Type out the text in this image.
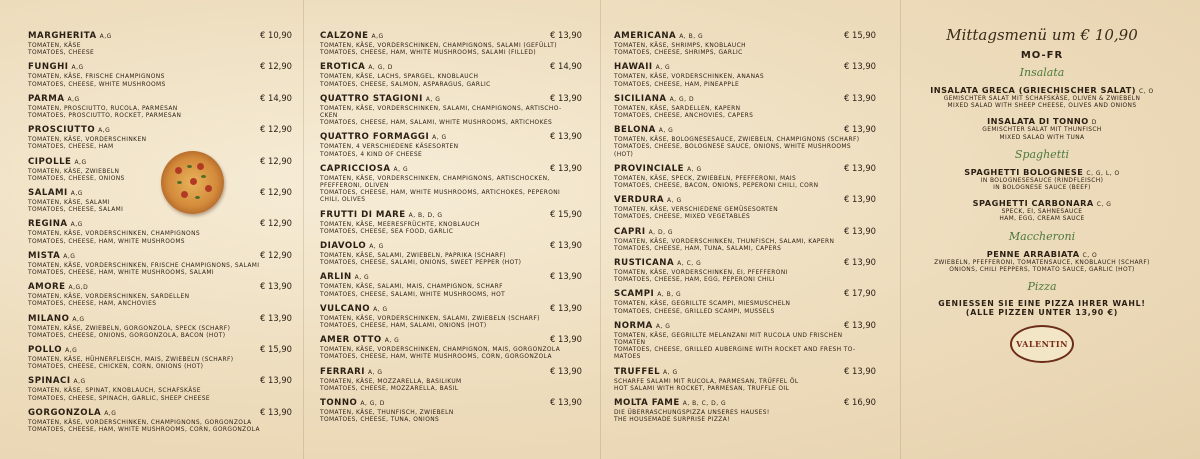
MARGHERITA A,G	€ 10,90
TOMATEN, KÄSE
TOMATOES, CHEESE
FUNGHI A,G	€ 12,90
TOMATEN, KÄSE, FRISCHE CHAMPIGNONS
TOMATOES, CHEESE, WHITE MUSHROOMS
PARMA A,G	€ 14,90
TOMATEN, PROSCIUTTO, RUCOLA, PARMESAN
TOMATOES, PROSCIUTTO, ROCKET, PARMESAN
PROSCIUTTO A,G	€ 12,90
TOMATEN, KÄSE, VORDERSCHINKEN
TOMATOES, CHEESE, HAM
CIPOLLE A,G	€ 12,90
TOMATEN, KÄSE, ZWIEBELN
TOMATOES, CHEESE, ONIONS
SALAMI A,G	€ 12,90
TOMATEN, KÄSE, SALAMI
TOMATOES, CHEESE, SALAMI
REGINA A,G	€ 12,90
TOMATEN, KÄSE, VORDERSCHINKEN, CHAMPIGNONS
TOMATOES, CHEESE, HAM, WHITE MUSHROOMS
MISTA A,G	€ 12,90
TOMATEN, KÄSE, VORDERSCHINKEN, FRISCHE CHAMPIGNONS, SALAMI
TOMATOES, CHEESE, HAM, WHITE MUSHROOMS, SALAMI
AMORE A,G,D	€ 13,90
TOMATEN, KÄSE, VORDERSCHINKEN, SARDELLEN
TOMATOES, CHEESE, HAM, ANCHOVIES
MILANO A,G	€ 13,90
TOMATEN, KÄSE, ZWIEBELN, GORGONZOLA, SPECK (SCHARF)
TOMATOES, CHEESE, ONIONS, GORGONZOLA, BACON (HOT)
POLLO A,G	€ 15,90
TOMATEN, KÄSE, HÜHNERFLEISCH, MAIS, ZWIEBELN (SCHARF)
TOMATOES, CHEESE, CHICKEN, CORN, ONIONS (HOT)
SPINACI A,G	€ 13,90
TOMATEN, KÄSE, SPINAT, KNOBLAUCH, SCHAFSKÄSE
TOMATOES, CHEESE, SPINACH, GARLIC, SHEEP CHEESE
GORGONZOLA A,G	€ 13,90
TOMATEN, KÄSE, VORDERSCHINKEN, CHAMPIGNONS, GORGONZOLA
TOMATOES, CHEESE, HAM, WHITE MUSHROOMS, CORN, GORGONZOLA
CALZONE A,G	€ 13,90
TOMATEN, KÄSE, VORDERSCHINKEN, CHAMPIGNONS, SALAMI (GEFÜLLT)
TOMATOES, CHEESE, HAM, WHITE MUSHROOMS, SALAMI (FILLED)
EROTICA A, G, D	€ 14,90
TOMATEN, KÄSE, LACHS, SPARGEL, KNOBLAUCH
TOMATOES, CHEESE, SALMON, ASPARAGUS, GARLIC
QUATTRO STAGIONI A, G	€ 13,90
TOMATEN, KÄSE, VORDERSCHINKEN, SALAMI, CHAMPIGNONS, ARTISCHO-
CKEN
TOMATOES, CHEESE, HAM, SALAMI, WHITE MUSHROOMS, ARTICHOKES
QUATTRO FORMAGGI A, G	€ 13,90
TOMATEN, 4 VERSCHIEDENE KÄSESORTEN
TOMATOES, 4 KIND OF CHEESE
CAPRICCIOSA A, G	€ 13,90
TOMATEN, KÄSE, VORDERSCHINKEN, CHAMPIGNONS, ARTISCHOCKEN,
PFEFFERONI, OLIVEN
TOMATOES, CHEESE, HAM, WHITE MUSHROOMS, ARTICHOKES, PEPERONI
CHILI, OLIVES
FRUTTI DI MARE A, B, D, G	€ 15,90
TOMATEN, KÄSE, MEERESFRÜCHTE, KNOBLAUCH
TOMATOES, CHEESE, SEA FOOD, GARLIC
DIAVOLO A, G	€ 13,90
TOMATEN, KÄSE, SALAMI, ZWIEBELN, PAPRIKA (SCHARF)
TOMATOES, CHEESE, SALAMI, ONIONS, SWEET PEPPER (HOT)
ARLIN A, G	€ 13,90
TOMATEN, KÄSE, SALAMI, MAIS, CHAMPIGNON, SCHARF
TOMATOES, CHEESE, SALAMI, WHITE MUSHROOMS, HOT
VULCANO A, G	€ 13,90
TOMATEN, KÄSE, VORDERSCHINKEN, SALAMI, ZWIEBELN (SCHARF)
TOMATOES, CHEESE, HAM, SALAMI, ONIONS (HOT)
AMER OTTO A, G	€ 13,90
TOMATEN, KÄSE, VORDERSCHINKEN, CHAMPIGNON, MAIS, GORGONZOLA
TOMATOES, CHEESE, HAM, WHITE MUSHROOMS, CORN, GORGONZOLA
FERRARI A, G	€ 13,90
TOMATEN, KÄSE, MOZZARELLA, BASILIKUM
TOMATOES, CHEESE, MOZZARELLA, BASIL
TONNO A, G, D	€ 13,90
TOMATEN, KÄSE, THUNFISCH, ZWIEBELN
TOMATOES, CHEESE, TUNA, ONIONS
AMERICANA A, B, G	€ 15,90
TOMATEN, KÄSE, SHRIMPS, KNOBLAUCH
TOMATOES, CHEESE, SHRIMPS, GARLIC
HAWAII A, G	€ 13,90
TOMATEN, KÄSE, VORDERSCHINKEN, ANANAS
TOMATOES, CHEESE, HAM, PINEAPPLE
SICILIANA A, G, D	€ 13,90
TOMATEN, KÄSE, SARDELLEN, KAPERN
TOMATOES, CHEESE, ANCHOVIES, CAPERS
BELONA A, G	€ 13,90
TOMATEN, KÄSE, BOLOGNESESAUCE, ZWIEBELN, CHAMPIGNONS (SCHARF)
TOMATOES, CHEESE, BOLOGNESE SAUCE, ONIONS, WHITE MUSHROOMS
(HOT)
PROVINCIALE A, G	€ 13,90
TOMATEN, KÄSE, SPECK, ZWIEBELN, PFEFFERONI, MAIS
TOMATOES, CHEESE, BACON, ONIONS, PEPERONI CHILI, CORN
VERDURA A, G	€ 13,90
TOMATEN, KÄSE, VERSCHIEDENE GEMÜSESORTEN
TOMATOES, CHEESE, MIXED VEGETABLES
CAPRI A, D, G	€ 13,90
TOMATEN, KÄSE, VORDERSCHINKEN, THUNFISCH, SALAMI, KAPERN
TOMATOES, CHEESE, HAM, TUNA, SALAMI, CAPERS
RUSTICANA A, C, G	€ 13,90
TOMATEN, KÄSE, VORDERSCHINKEN, EI, PFEFFERONI
TOMATOES, CHEESE, HAM, EGG, PEPERONI CHILI
SCAMPI A, B, G	€ 17,90
TOMATEN, KÄSE, GEGRILLTE SCAMPI, MIESMUSCHELN
TOMATOES, CHEESE, GRILLED SCAMPI, MUSSELS
NORMA A, G	€ 13,90
TOMATEN, KÄSE, GEGRILLTE MELANZANI MIT RUCOLA UND FRISCHEN
TOMATEN
TOMATOES, CHEESE, GRILLED AUBERGINE WITH ROCKET AND FRESH TO-
MATOES
TRUFFEL A, G	€ 13,90
SCHARFE SALAMI MIT RUCOLA, PARMESAN, TRÜFFEL ÖL
HOT SALAMI WITH ROCKET, PARMESAN, TRUFFLE OIL
MOLTA FAME A, B, C, D, G	€ 16,90
DIE ÜBERRASCHUNGSPIZZA UNSERES HAUSES!
THE HOUSEMADE SURPRISE PIZZA!
Mittagsmenü um € 10,90
MO-FR
Insalata
INSALATA GRECA (GRIECHISCHER SALAT) C, O
GEMISCHTER SALAT MIT SCHAFSKÄSE, OLIVEN & ZWIEBELN
MIXED SALAD WITH SHEEP CHEESE, OLIVES AND ONIONS
INSALATA DI TONNO D
GEMISCHTER SALAT MIT THUNFISCH
MIXED SALAD WITH TUNA
Spaghetti
SPAGHETTI BOLOGNESE C, G, L, O
IN BOLOGNESESAUCE (RINDFLEISCH)
IN BOLOGNESE SAUCE (BEEF)
SPAGHETTI CARBONARA C, G
SPECK, EI, SAHNESAUCE
HAM, EGG, CREAM SAUCE
Maccheroni
PENNE ARRABIATA C, O
ZWIEBELN, PFEFFERONI, TOMATENSAUCE, KNOBLAUCH (SCHARF)
ONIONS, CHILI PEPPERS, TOMATO SAUCE, GARLIC (HOT)
Pizza
GENIESSEN SIE EINE PIZZA IHRER WAHL!
(ALLE PIZZEN UNTER 13,90 €)
VALENTIN
